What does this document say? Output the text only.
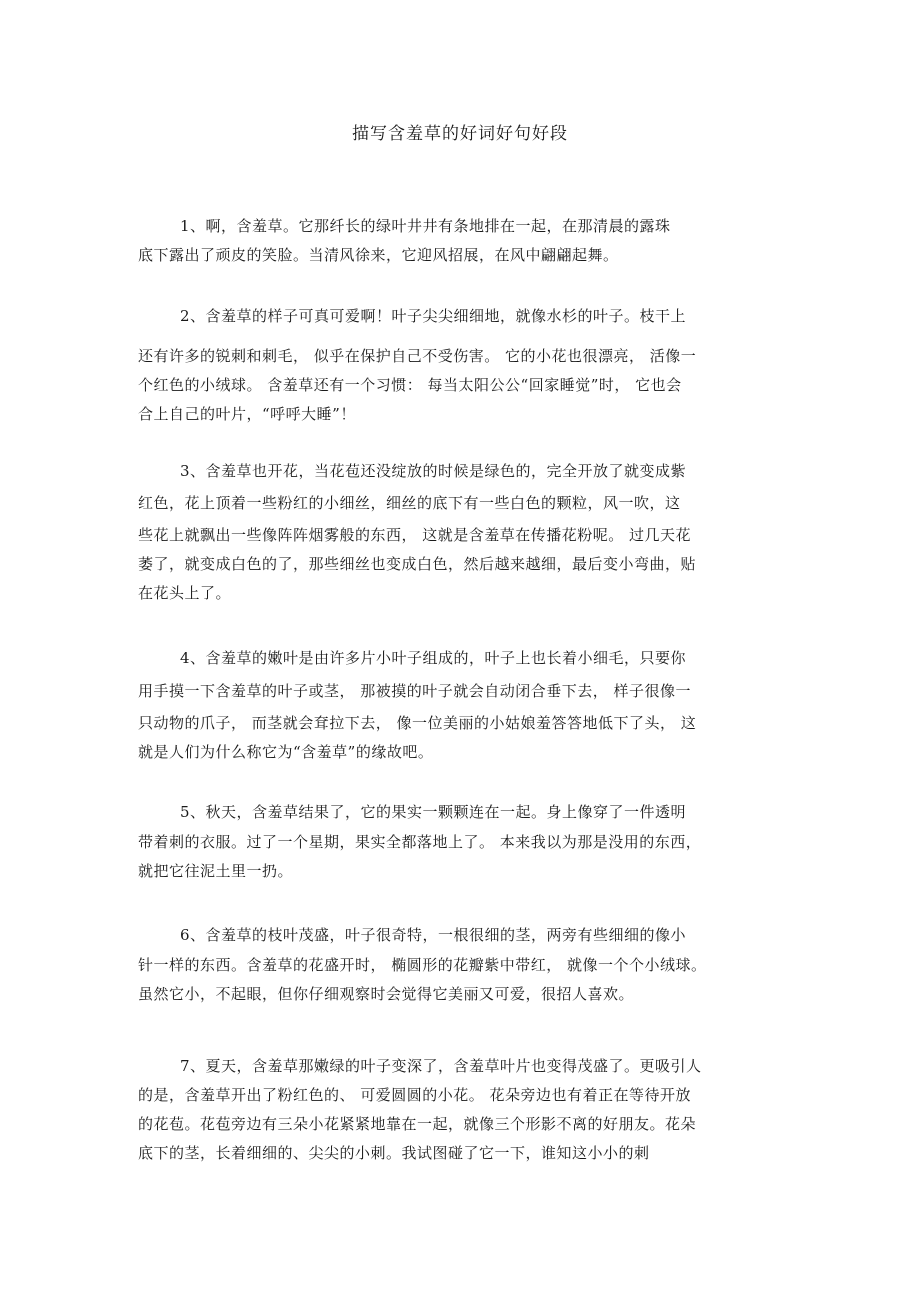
描写含羞草的好词好句好段
1、啊，含羞草。它那纤长的绿叶井井有条地排在一起，在那清晨的露珠
底下露出了顽皮的笑脸。当清风徐来，它迎风招展，在风中翩翩起舞。
2、含羞草的样子可真可爱啊！叶子尖尖细细地，就像水杉的叶子。枝干上
还有许多的锐刺和刺毛， 似乎在保护自己不受伤害。 它的小花也很漂亮， 活像一
个红色的小绒球。 含羞草还有一个习惯： 每当太阳公公“回家睡觉”时， 它也会
合上自己的叶片，“呼呼大睡”！
3、含羞草也开花，当花苞还没绽放的时候是绿色的，完全开放了就变成紫
红色，花上顶着一些粉红的小细丝，细丝的底下有一些白色的颗粒，风一吹，这
些花上就飘出一些像阵阵烟雾般的东西， 这就是含羞草在传播花粉呢。 过几天花
萎了，就变成白色的了，那些细丝也变成白色，然后越来越细，最后变小弯曲，贴
在花头上了。
4、含羞草的嫩叶是由许多片小叶子组成的，叶子上也长着小细毛，只要你
用手摸一下含羞草的叶子或茎， 那被摸的叶子就会自动闭合垂下去， 样子很像一
只动物的爪子， 而茎就会耷拉下去， 像一位美丽的小姑娘羞答答地低下了头， 这
就是人们为什么称它为“含羞草”的缘故吧。
5、秋天，含羞草结果了，它的果实一颗颗连在一起。身上像穿了一件透明
带着刺的衣服。过了一个星期，果实全都落地上了。 本来我以为那是没用的东西，
就把它往泥土里一扔。
6、含羞草的枝叶茂盛，叶子很奇特，一根很细的茎，两旁有些细细的像小
针一样的东西。含羞草的花盛开时， 椭圆形的花瓣紫中带红， 就像一个个小绒球。
虽然它小，不起眼，但你仔细观察时会觉得它美丽又可爱，很招人喜欢。
7、夏天，含羞草那嫩绿的叶子变深了，含羞草叶片也变得茂盛了。更吸引人
的是，含羞草开出了粉红色的、 可爱圆圆的小花。 花朵旁边也有着正在等待开放
的花苞。花苞旁边有三朵小花紧紧地靠在一起，就像三个形影不离的好朋友。花朵
底下的茎，长着细细的、尖尖的小刺。我试图碰了它一下，谁知这小小的刺
